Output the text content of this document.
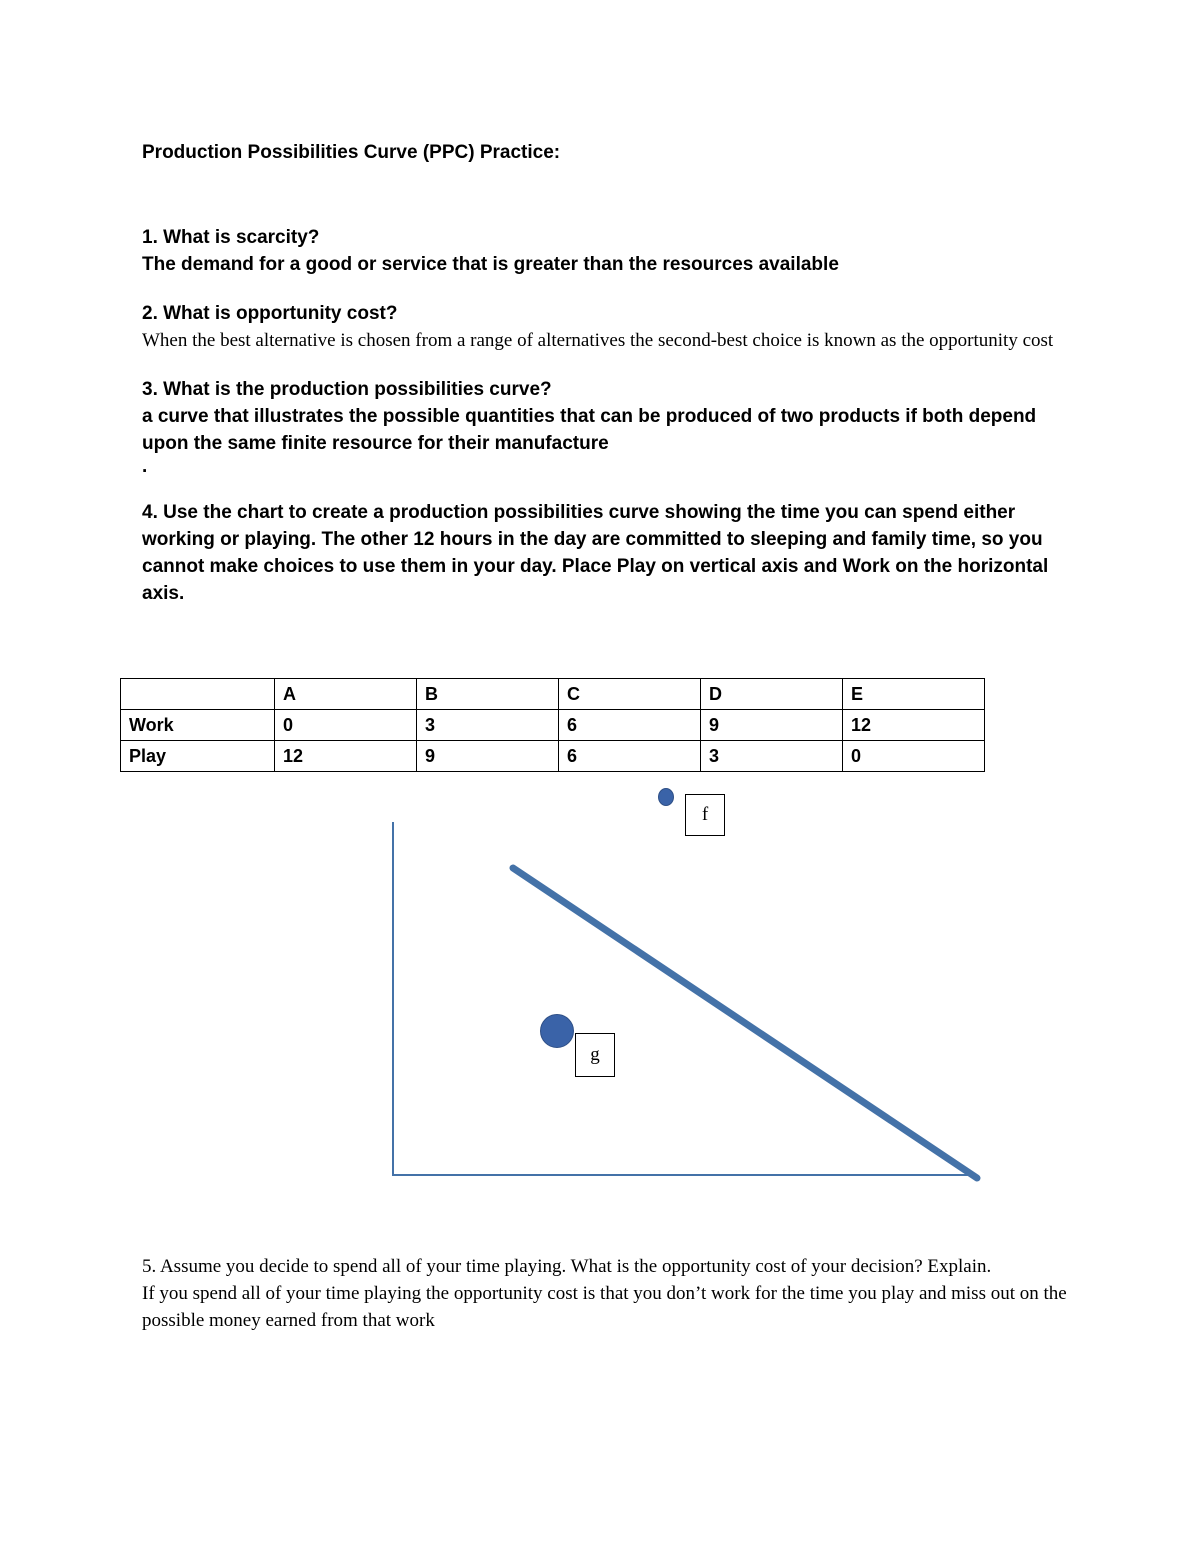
Production Possibilities Curve (PPC) Practice:
1. What is scarcity?
The demand for a good or service that is greater than the resources available
2. What is opportunity cost?
When the best alternative is chosen from a range of alternatives the second-best choice is known as the opportunity cost
3. What is the production possibilities curve?
a curve that illustrates the possible quantities that can be produced of two products if both depend upon the same finite resource for their manufacture
.
4. Use the chart to create a production possibilities curve showing the time you can spend either working or playing. The other 12 hours in the day are committed to sleeping and family time, so you cannot make choices to use them in your day. Place Play on vertical axis and Work on the horizontal axis.
	A	B	C	D	E
Work	0	3	6	9	12
Play	12	9	6	3	0
f
g
5. Assume you decide to spend all of your time playing. What is the opportunity cost of your decision? Explain.
If you spend all of your time playing the opportunity cost is that you don’t work for the time you play and miss out on the possible money earned from that work
